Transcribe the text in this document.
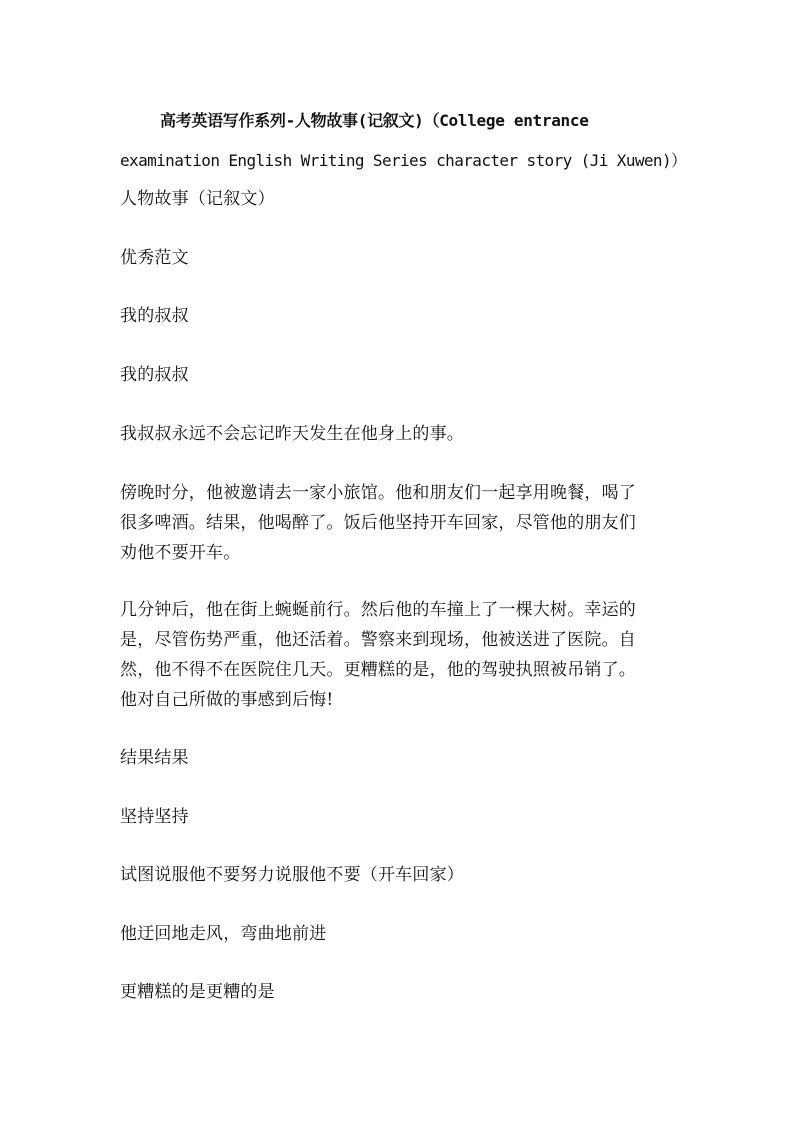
高考英语写作系列-人物故事(记叙文)（College entrance
examination English Writing Series character story (Ji Xuwen)）
人物故事（记叙文）
优秀范文
我的叔叔
我的叔叔
我叔叔永远不会忘记昨天发生在他身上的事。
傍晚时分，他被邀请去一家小旅馆。他和朋友们一起享用晚餐，喝了
很多啤酒。结果，他喝醉了。饭后他坚持开车回家，尽管他的朋友们
劝他不要开车。
几分钟后，他在街上蜿蜒前行。然后他的车撞上了一棵大树。幸运的
是，尽管伤势严重，他还活着。警察来到现场，他被送进了医院。自
然，他不得不在医院住几天。更糟糕的是，他的驾驶执照被吊销了。
他对自己所做的事感到后悔!
结果结果
坚持坚持
试图说服他不要努力说服他不要（开车回家）
他迂回地走风，弯曲地前进
更糟糕的是更糟的是
